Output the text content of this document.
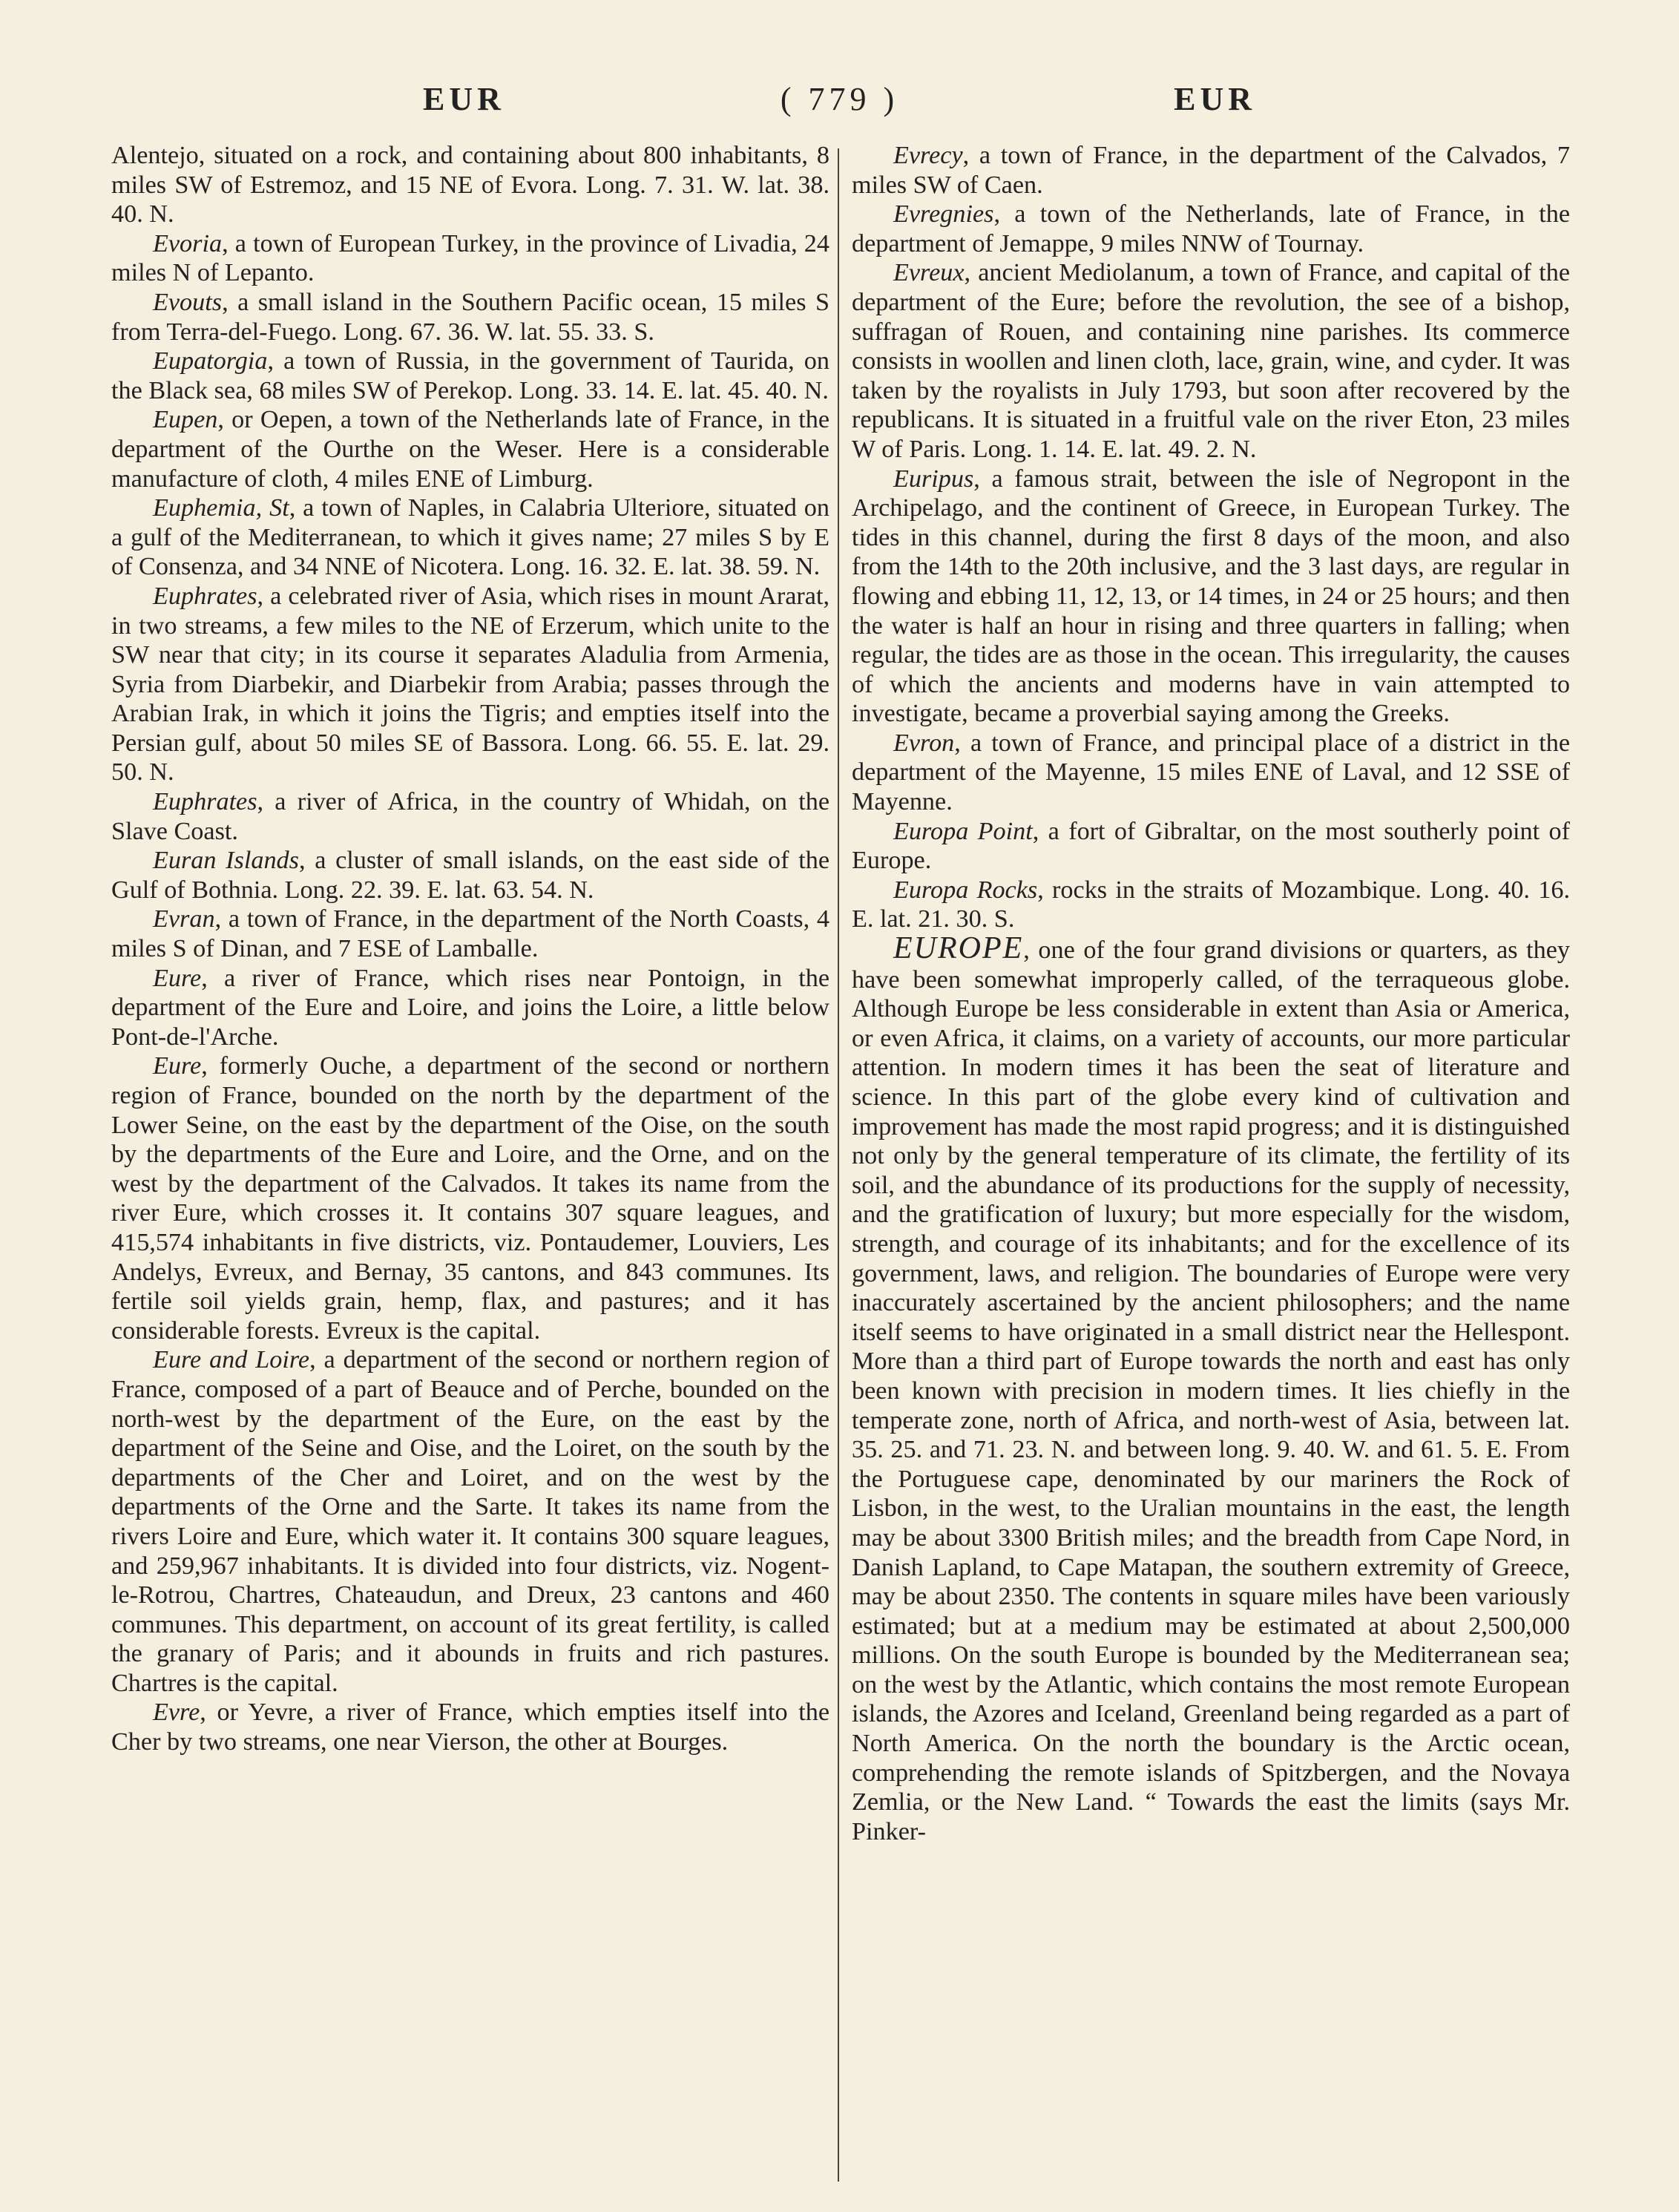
EUR	( 779 )	EUR

Alentejo, situated on a rock, and containing about 800 inhabitants, 8 miles SW of Estremoz, and 15 NE of Evora. Long. 7. 31. W. lat. 38. 40. N.

Evoria, a town of European Turkey, in the province of Livadia, 24 miles N of Lepanto.

Evouts, a small island in the Southern Pacific ocean, 15 miles S from Terra-del-Fuego. Long. 67. 36. W. lat. 55. 33. S.

Eupatorgia, a town of Russia, in the government of Taurida, on the Black sea, 68 miles SW of Perekop. Long. 33. 14. E. lat. 45. 40. N.

Eupen, or Oepen, a town of the Netherlands late of France, in the department of the Ourthe on the Weser. Here is a considerable manufacture of cloth, 4 miles ENE of Limburg.

Euphemia, St, a town of Naples, in Calabria Ulteriore, situated on a gulf of the Mediterranean, to which it gives name; 27 miles S by E of Consenza, and 34 NNE of Nicotera. Long. 16. 32. E. lat. 38. 59. N.

Euphrates, a celebrated river of Asia, which rises in mount Ararat, in two streams, a few miles to the NE of Erzerum, which unite to the SW near that city; in its course it separates Aladulia from Armenia, Syria from Diarbekir, and Diarbekir from Arabia; passes through the Arabian Irak, in which it joins the Tigris; and empties itself into the Persian gulf, about 50 miles SE of Bassora. Long. 66. 55. E. lat. 29. 50. N.

Euphrates, a river of Africa, in the country of Whidah, on the Slave Coast.

Euran Islands, a cluster of small islands, on the east side of the Gulf of Bothnia. Long. 22. 39. E. lat. 63. 54. N.

Evran, a town of France, in the department of the North Coasts, 4 miles S of Dinan, and 7 ESE of Lamballe.

Eure, a river of France, which rises near Pontoign, in the department of the Eure and Loire, and joins the Loire, a little below Pont-de-l'Arche.

Eure, formerly Ouche, a department of the second or northern region of France, bounded on the north by the department of the Lower Seine, on the east by the department of the Oise, on the south by the departments of the Eure and Loire, and the Orne, and on the west by the department of the Calvados. It takes its name from the river Eure, which crosses it. It contains 307 square leagues, and 415,574 inhabitants in five districts, viz. Pontaudemer, Louviers, Les Andelys, Evreux, and Bernay, 35 cantons, and 843 communes. Its fertile soil yields grain, hemp, flax, and pastures; and it has considerable forests. Evreux is the capital.

Eure and Loire, a department of the second or northern region of France, composed of a part of Beauce and of Perche, bounded on the north-west by the department of the Eure, on the east by the department of the Seine and Oise, and the Loiret, on the south by the departments of the Cher and Loiret, and on the west by the departments of the Orne and the Sarte. It takes its name from the rivers Loire and Eure, which water it. It contains 300 square leagues, and 259,967 inhabitants. It is divided into four districts, viz. Nogent-le-Rotrou, Chartres, Chateaudun, and Dreux, 23 cantons and 460 communes. This department, on account of its great fertility, is called the granary of Paris; and it abounds in fruits and rich pastures. Chartres is the capital.

Evre, or Yevre, a river of France, which empties itself into the Cher by two streams, one near Vierson, the other at Bourges.

Evrecy, a town of France, in the department of the Calvados, 7 miles SW of Caen.

Evregnies, a town of the Netherlands, late of France, in the department of Jemappe, 9 miles NNW of Tournay.

Evreux, ancient Mediolanum, a town of France, and capital of the department of the Eure; before the revolution, the see of a bishop, suffragan of Rouen, and containing nine parishes. Its commerce consists in woollen and linen cloth, lace, grain, wine, and cyder. It was taken by the royalists in July 1793, but soon after recovered by the republicans. It is situated in a fruitful vale on the river Eton, 23 miles W of Paris. Long. 1. 14. E. lat. 49. 2. N.

Euripus, a famous strait, between the isle of Negropont in the Archipelago, and the continent of Greece, in European Turkey. The tides in this channel, during the first 8 days of the moon, and also from the 14th to the 20th inclusive, and the 3 last days, are regular in flowing and ebbing 11, 12, 13, or 14 times, in 24 or 25 hours; and then the water is half an hour in rising and three quarters in falling; when regular, the tides are as those in the ocean. This irregularity, the causes of which the ancients and moderns have in vain attempted to investigate, became a proverbial saying among the Greeks.

Evron, a town of France, and principal place of a district in the department of the Mayenne, 15 miles ENE of Laval, and 12 SSE of Mayenne.

Europa Point, a fort of Gibraltar, on the most southerly point of Europe.

Europa Rocks, rocks in the straits of Mozambique. Long. 40. 16. E. lat. 21. 30. S.

EUROPE, one of the four grand divisions or quarters, as they have been somewhat improperly called, of the terraqueous globe. Although Europe be less considerable in extent than Asia or America, or even Africa, it claims, on a variety of accounts, our more particular attention. In modern times it has been the seat of literature and science. In this part of the globe every kind of cultivation and improvement has made the most rapid progress; and it is distinguished not only by the general temperature of its climate, the fertility of its soil, and the abundance of its productions for the supply of necessity, and the gratification of luxury; but more especially for the wisdom, strength, and courage of its inhabitants; and for the excellence of its government, laws, and religion. The boundaries of Europe were very inaccurately ascertained by the ancient philosophers; and the name itself seems to have originated in a small district near the Hellespont. More than a third part of Europe towards the north and east has only been known with precision in modern times. It lies chiefly in the temperate zone, north of Africa, and north-west of Asia, between lat. 35. 25. and 71. 23. N. and between long. 9. 40. W. and 61. 5. E. From the Portuguese cape, denominated by our mariners the Rock of Lisbon, in the west, to the Uralian mountains in the east, the length may be about 3300 British miles; and the breadth from Cape Nord, in Danish Lapland, to Cape Matapan, the southern extremity of Greece, may be about 2350. The contents in square miles have been variously estimated; but at a medium may be estimated at about 2,500,000 millions. On the south Europe is bounded by the Mediterranean sea; on the west by the Atlantic, which contains the most remote European islands, the Azores and Iceland, Greenland being regarded as a part of North America. On the north the boundary is the Arctic ocean, comprehending the remote islands of Spitzbergen, and the Novaya Zemlia, or the New Land. “ Towards the east the limits (says Mr. Pinker-
